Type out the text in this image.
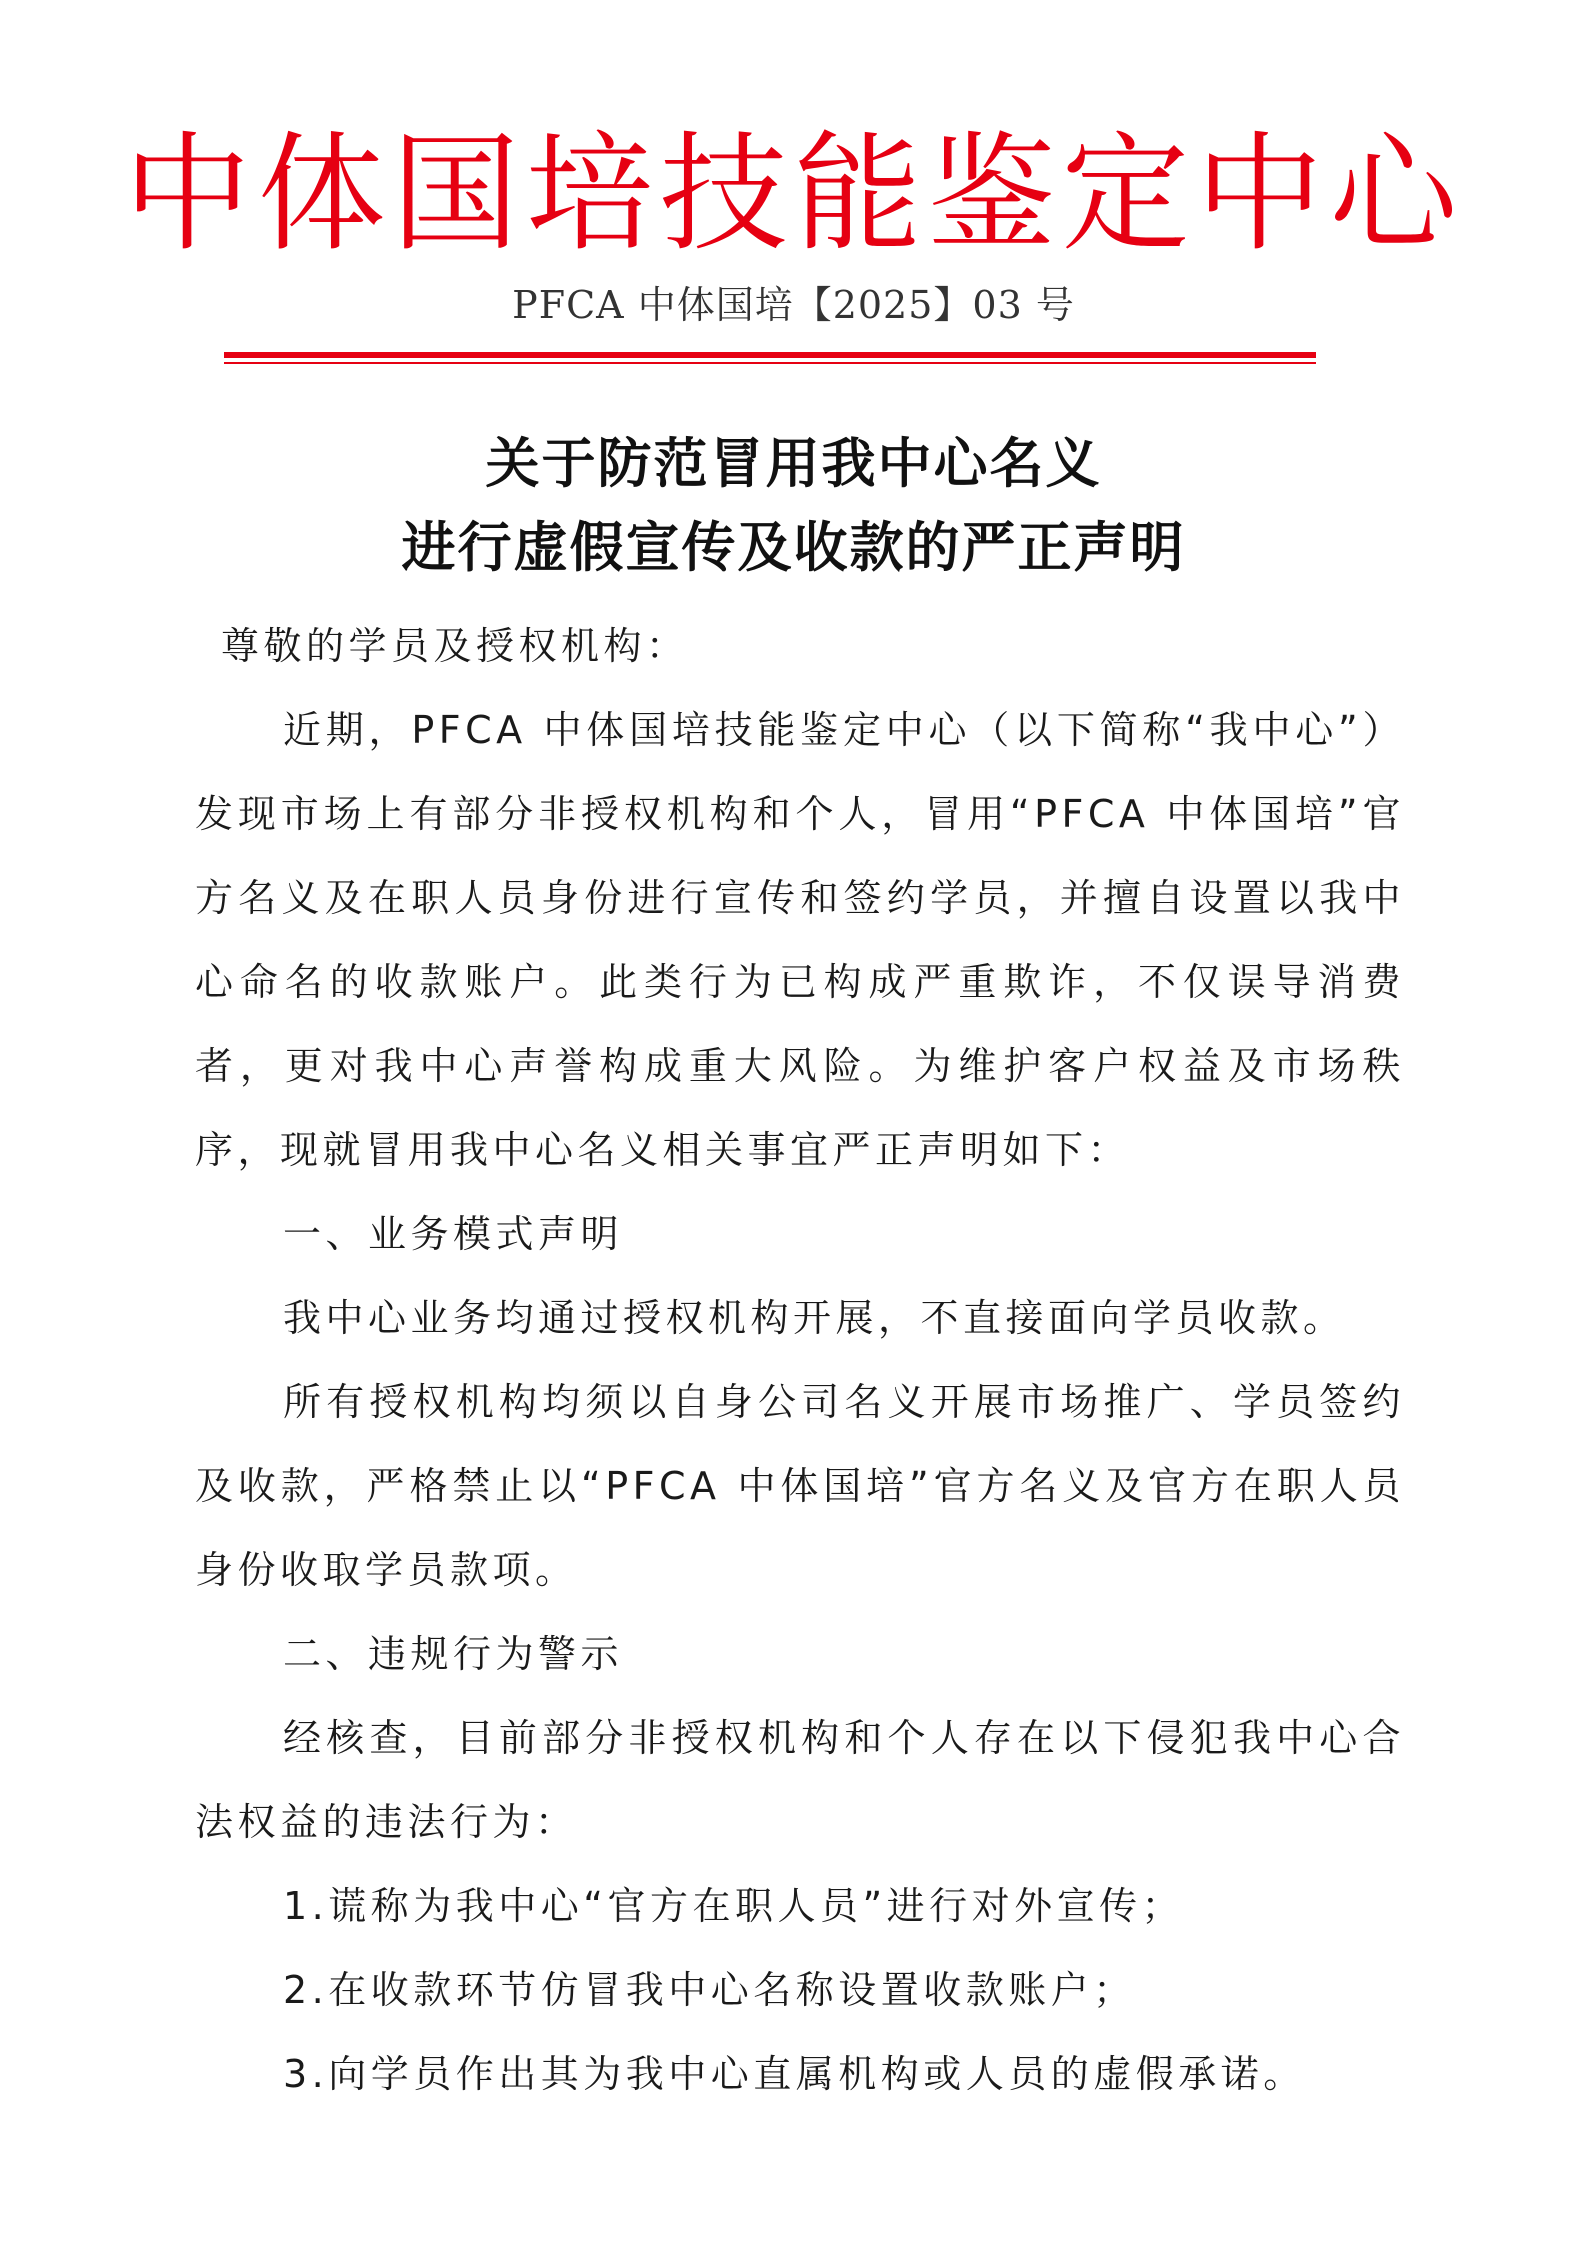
中体国培技能鉴定中心
PFCA 中体国培【2025】03 号
关于防范冒用我中心名义
进行虚假宣传及收款的严正声明

尊敬的学员及授权机构：

近期，PFCA 中体国培技能鉴定中心（以下简称“我中心”）发现市场上有部分非授权机构和个人，冒用“PFCA 中体国培”官方名义及在职人员身份进行宣传和签约学员，并擅自设置以我中心命名的收款账户。此类行为已构成严重欺诈，不仅误导消费者，更对我中心声誉构成重大风险。为维护客户权益及市场秩序，现就冒用我中心名义相关事宜严正声明如下：

一、业务模式声明

我中心业务均通过授权机构开展，不直接面向学员收款。

所有授权机构均须以自身公司名义开展市场推广、学员签约及收款，严格禁止以“PFCA 中体国培”官方名义及官方在职人员身份收取学员款项。

二、违规行为警示

经核查，目前部分非授权机构和个人存在以下侵犯我中心合法权益的违法行为：

1.谎称为我中心“官方在职人员”进行对外宣传；

2.在收款环节仿冒我中心名称设置收款账户；

3.向学员作出其为我中心直属机构或人员的虚假承诺。
